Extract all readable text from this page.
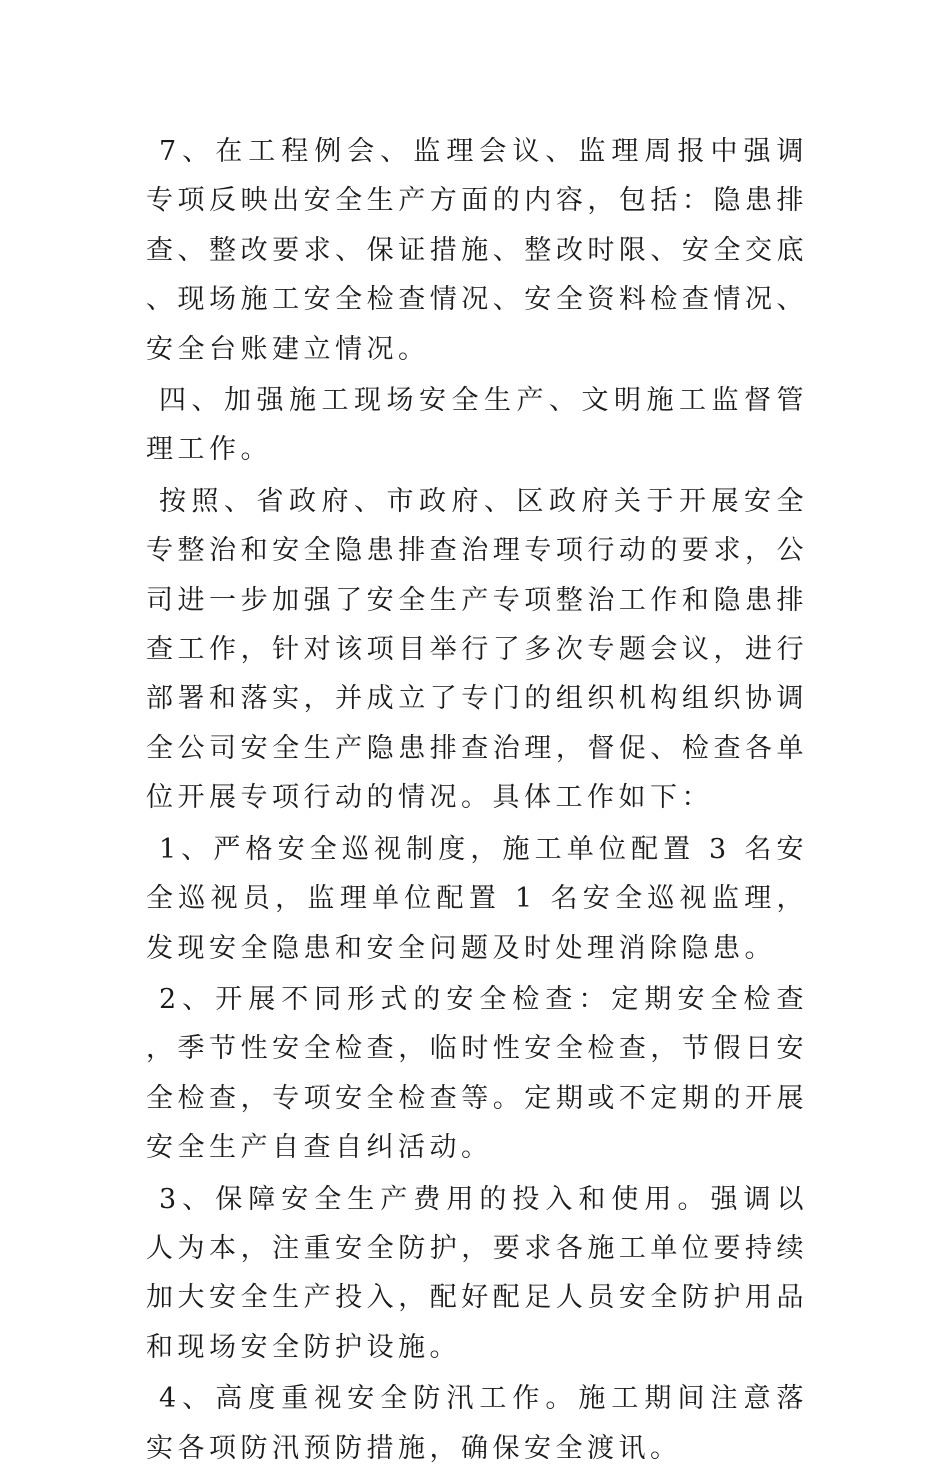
7、在工程例会、监理会议、监理周报中强调专项反映出安全生产方面的内容，包括：隐患排查、整改要求、保证措施、整改时限、安全交底、现场施工安全检查情况、安全资料检查情况、安全台账建立情况。

四、加强施工现场安全生产、文明施工监督管理工作。

按照、省政府、市政府、区政府关于开展安全专整治和安全隐患排查治理专项行动的要求，公司进一步加强了安全生产专项整治工作和隐患排查工作，针对该项目举行了多次专题会议，进行部署和落实，并成立了专门的组织机构组织协调全公司安全生产隐患排查治理，督促、检查各单位开展专项行动的情况。具体工作如下：

1、严格安全巡视制度，施工单位配置 3 名安全巡视员，监理单位配置 1 名安全巡视监理，发现安全隐患和安全问题及时处理消除隐患。

2、开展不同形式的安全检查：定期安全检查，季节性安全检查，临时性安全检查，节假日安全检查，专项安全检查等。定期或不定期的开展安全生产自查自纠活动。

3、保障安全生产费用的投入和使用。强调以人为本，注重安全防护，要求各施工单位要持续加大安全生产投入，配好配足人员安全防护用品和现场安全防护设施。

4、高度重视安全防汛工作。施工期间注意落实各项防汛预防措施，确保安全渡讯。
